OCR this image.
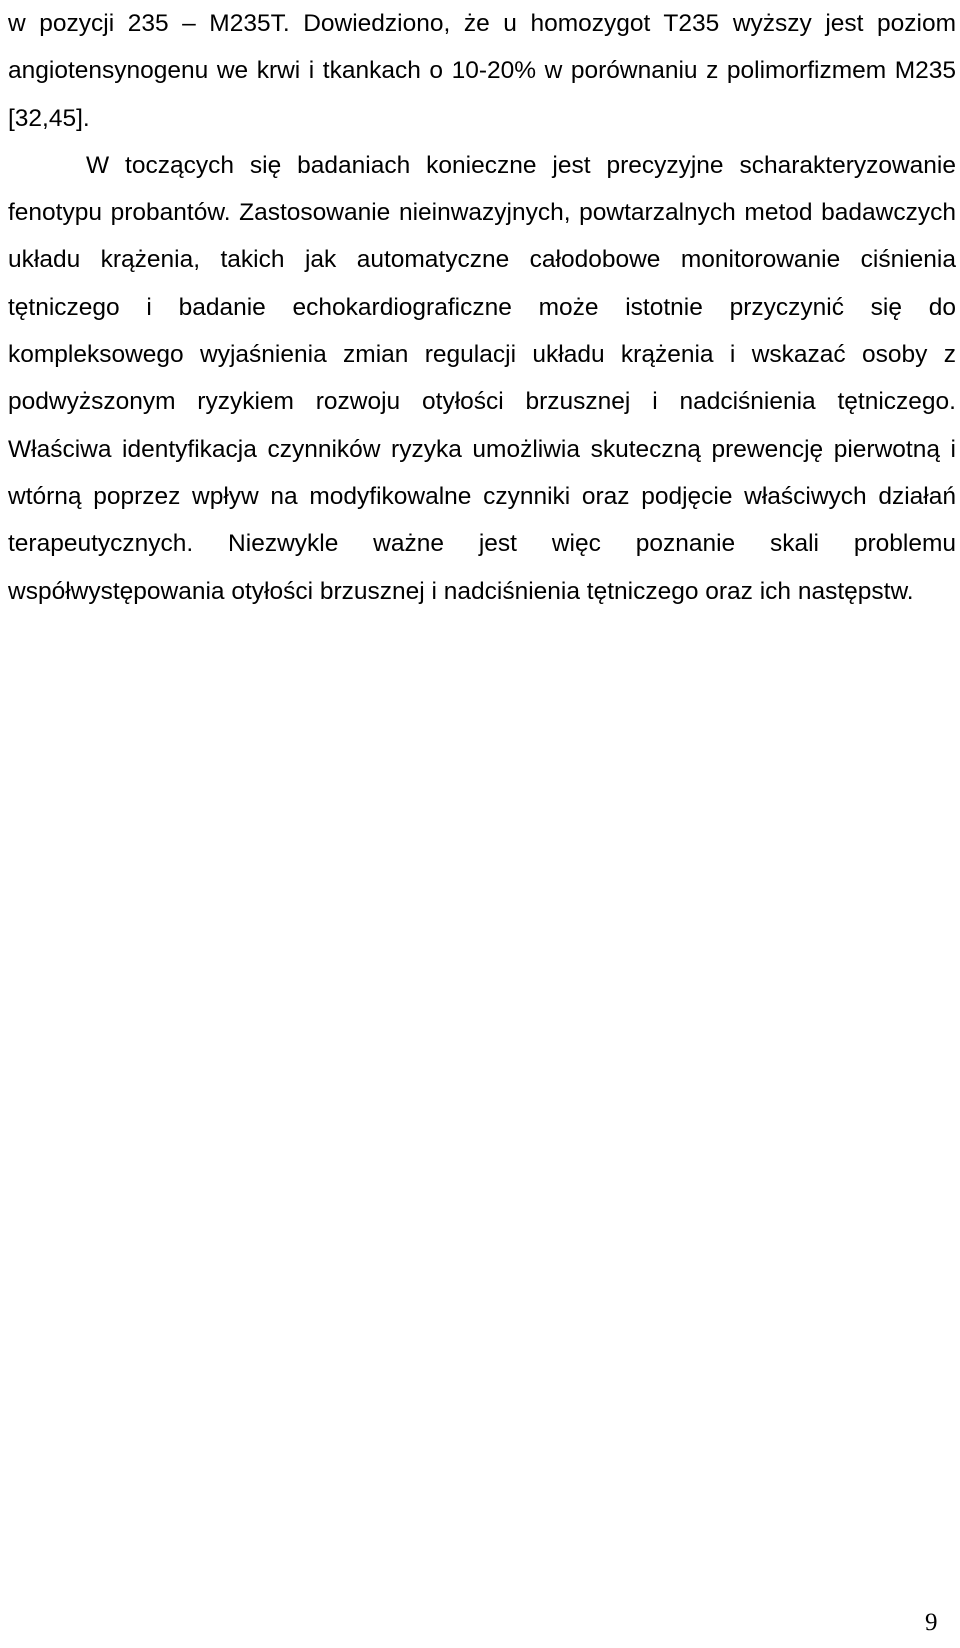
w pozycji 235 – M235T. Dowiedziono, że u homozygot T235 wyższy jest poziom angiotensynogenu we krwi i tkankach o 10-20% w porównaniu z polimorfizmem M235 [32,45].

W toczących się badaniach konieczne jest precyzyjne scharakteryzowanie fenotypu probantów. Zastosowanie nieinwazyjnych, powtarzalnych metod badawczych układu krążenia, takich jak automatyczne całodobowe monitorowanie ciśnienia tętniczego i badanie echokardiograficzne może istotnie przyczynić się do kompleksowego wyjaśnienia zmian regulacji układu krążenia i wskazać osoby z podwyższonym ryzykiem rozwoju otyłości brzusznej i nadciśnienia tętniczego. Właściwa identyfikacja czynników ryzyka umożliwia skuteczną prewencję pierwotną i wtórną poprzez wpływ na modyfikowalne czynniki oraz podjęcie właściwych działań terapeutycznych. Niezwykle ważne jest więc poznanie skali problemu współwystępowania otyłości brzusznej i nadciśnienia tętniczego oraz ich następstw.

9
